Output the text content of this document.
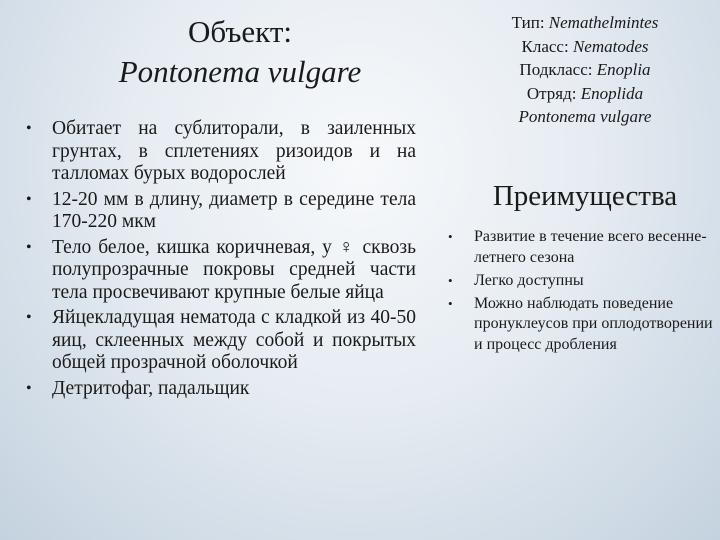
Объект:
Pontonema vulgare
Тип: Nemathelmintes
Класс: Nematodes
Подкласс: Enoplia
Отряд: Enoplida
Pontonema vulgare
• Обитает на сублиторали, в заиленных грунтах, в сплетениях ризоидов и на талломах бурых водорослей
• 12-20 мм в длину, диаметр в середине тела 170-220 мкм
• Тело белое, кишка коричневая, у ♀ сквозь полупрозрачные покровы средней части тела просвечивают крупные белые яйца
• Яйцекладущая нематода с кладкой из 40-50 яиц, склеенных между собой и покрытых общей прозрачной оболочкой
• Детритофаг, падальщик
Преимущества
• Развитие в течение всего весенне-летнего сезона
• Легко доступны
• Можно наблюдать поведение пронуклеусов при оплодотворении и процесс дробления
